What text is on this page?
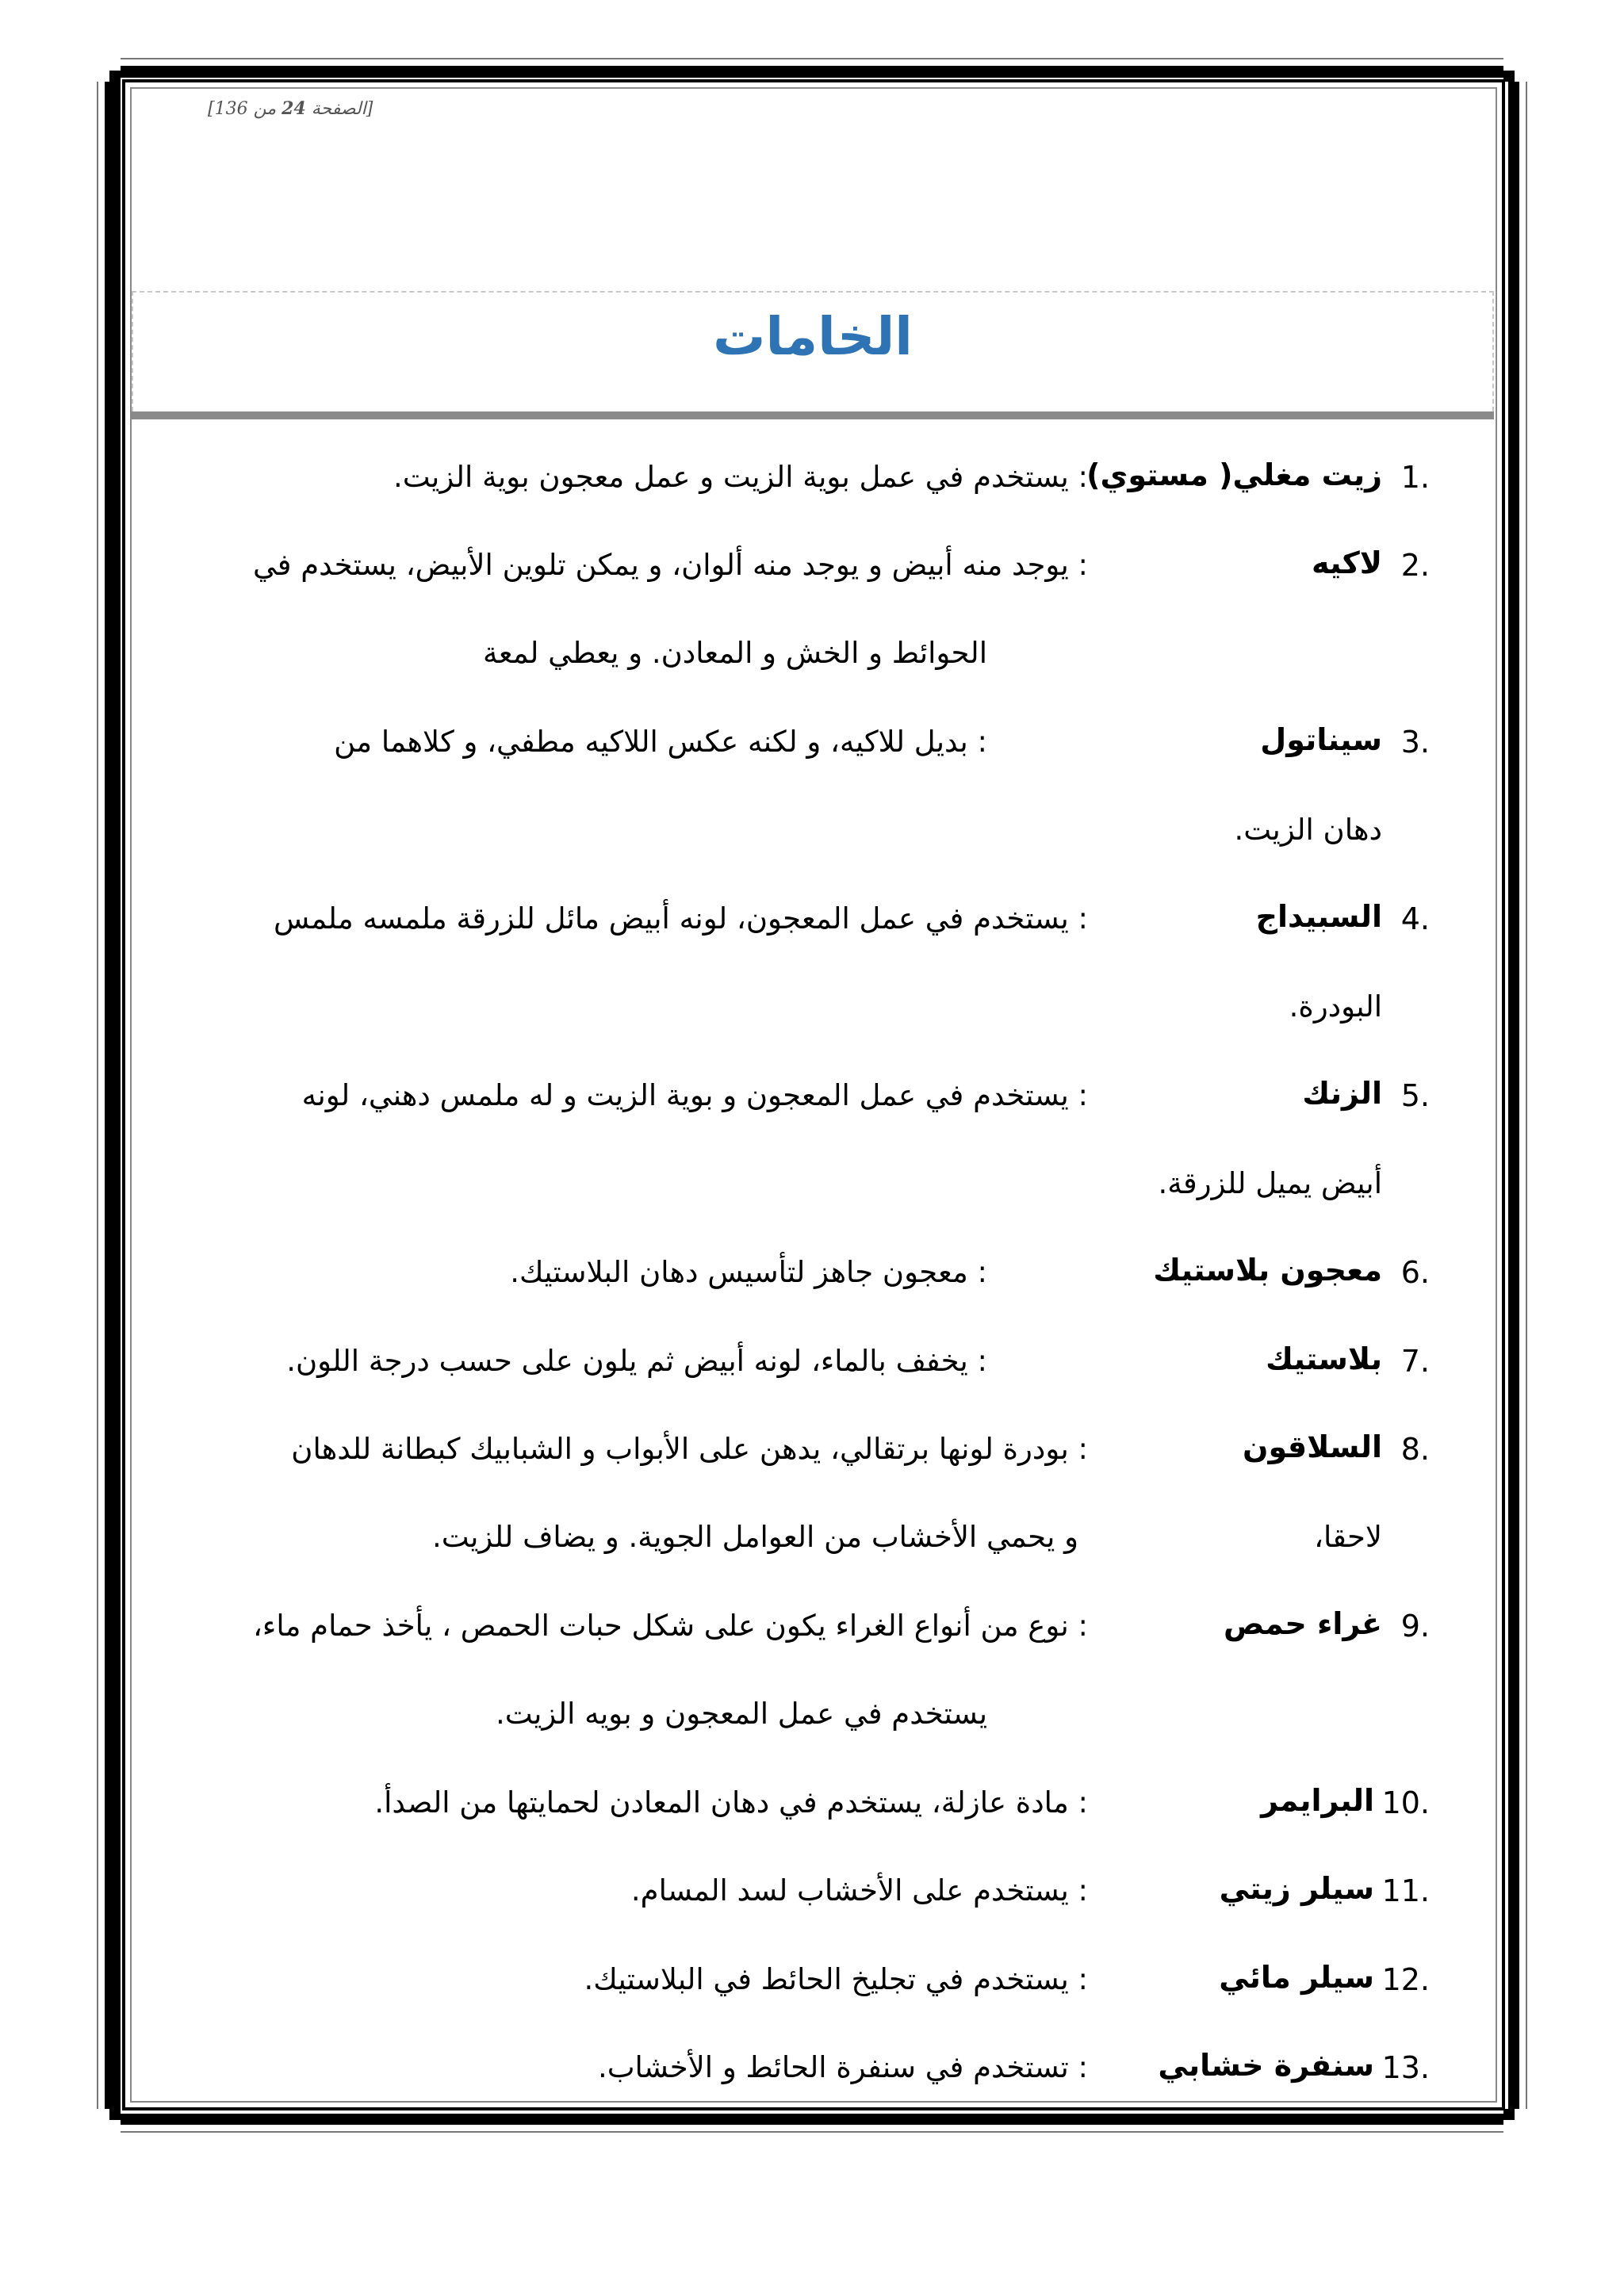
[الصفحة 24 من 136]
الخامات
1.
زيت مغلي( مستوي)
: يستخدم في عمل بوية الزيت و عمل معجون بوية الزيت.
2.
لاكيه
: يوجد منه أبيض و يوجد منه ألوان، و يمكن تلوين الأبيض، يستخدم في
الحوائط و الخش و المعادن. و يعطي لمعة
3.
سيناتول
: بديل للاكيه، و لكنه عكس اللاكيه مطفي، و كلاهما من
دهان الزيت.
4.
السبيداج
: يستخدم في عمل المعجون، لونه أبيض مائل للزرقة ملمسه ملمس
البودرة.
5.
الزنك
: يستخدم في عمل المعجون و بوية الزيت و له ملمس دهني، لونه
أبيض يميل للزرقة.
6.
معجون بلاستيك
: معجون جاهز لتأسيس دهان البلاستيك.
7.
بلاستيك
: يخفف بالماء، لونه أبيض ثم يلون على حسب درجة اللون.
8.
السلاقون
: بودرة لونها برتقالي، يدهن على الأبواب و الشبابيك كبطانة للدهان
لاحقا،
و يحمي الأخشاب من العوامل الجوية. و يضاف للزيت.
9.
غراء حمص
: نوع من أنواع الغراء يكون على شكل حبات الحمص ، يأخذ حمام ماء،
يستخدم في عمل المعجون و بويه الزيت.
10.
البرايمر
: مادة عازلة، يستخدم في دهان المعادن لحمايتها من الصدأ.
11.
سيلر زيتي
: يستخدم على الأخشاب لسد المسام.
12.
سيلر مائي
: يستخدم في تجليخ الحائط في البلاستيك.
13.
سنفرة خشابي
: تستخدم في سنفرة الحائط و الأخشاب.
